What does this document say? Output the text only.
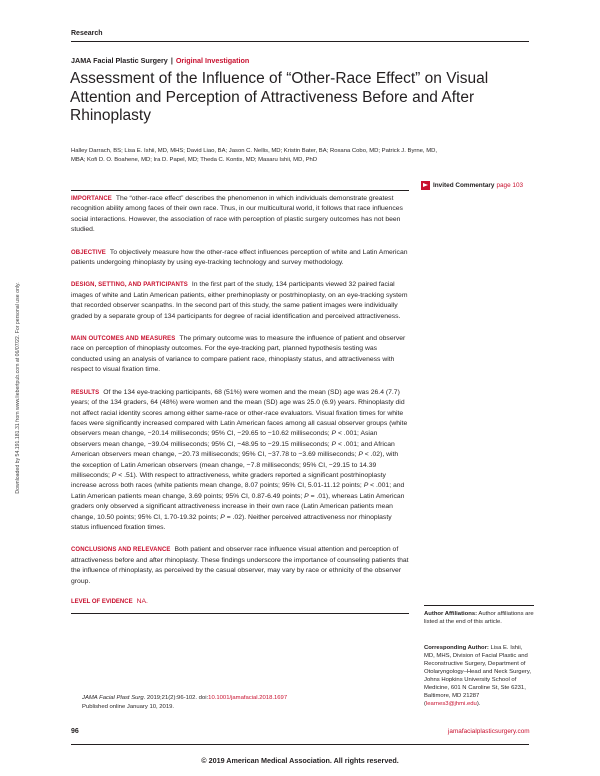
Research
JAMA Facial Plastic Surgery | Original Investigation
Assessment of the Influence of “Other-Race Effect” on Visual Attention and Perception of Attractiveness Before and After Rhinoplasty
Halley Darrach, BS; Lisa E. Ishii, MD, MHS; David Liao, BA; Jason C. Nellis, MD; Kristin Bater, BA; Roxana Cobo, MD; Patrick J. Byrne, MD, MBA; Kofi D. O. Boahene, MD; Ira D. Papel, MD; Theda C. Kontis, MD; Masaru Ishii, MD, PhD
Invited Commentary page 103

IMPORTANCE The “other-race effect” describes the phenomenon in which individuals demonstrate greatest recognition ability among faces of their own race. Thus, in our multicultural world, it follows that race influences social interactions. However, the association of race with perception of plastic surgery outcomes has not been studied.

OBJECTIVE To objectively measure how the other-race effect influences perception of white and Latin American patients undergoing rhinoplasty by using eye-tracking technology and survey methodology.

DESIGN, SETTING, AND PARTICIPANTS In the first part of the study, 134 participants viewed 32 paired facial images of white and Latin American patients, either prerhinoplasty or postrhinoplasty, on an eye-tracking system that recorded observer scanpaths. In the second part of this study, the same patient images were individually graded by a separate group of 134 participants for degree of racial identification and perceived attractiveness.

MAIN OUTCOMES AND MEASURES The primary outcome was to measure the influence of patient and observer race on perception of rhinoplasty outcomes. For the eye-tracking part, planned hypothesis testing was conducted using an analysis of variance to compare patient race, rhinoplasty status, and attractiveness with respect to visual fixation time.

RESULTS Of the 134 eye-tracking participants, 68 (51%) were women and the mean (SD) age was 26.4 (7.7) years; of the 134 graders, 64 (48%) were women and the mean (SD) age was 25.0 (6.9) years. Rhinoplasty did not affect racial identity scores among either same-race or other-race evaluators. Visual fixation times for white faces were significantly increased compared with Latin American faces among all casual observer groups (white observers mean change, −20.14 milliseconds; 95% CI, −29.65 to −10.62 milliseconds; P < .001; Asian observers mean change, −39.04 milliseconds; 95% CI, −48.95 to −29.15 milliseconds; P < .001; and African American observers mean change, −20.73 milliseconds; 95% CI, −37.78 to −3.69 milliseconds; P < .02), with the exception of Latin American observers (mean change, −7.8 milliseconds; 95% CI, −29.15 to 14.39 milliseconds; P < .51). With respect to attractiveness, white graders reported a significant postrhinoplasty increase across both races (white patients mean change, 8.07 points; 95% CI, 5.01-11.12 points; P < .001; and Latin American patients mean change, 3.69 points; 95% CI, 0.87-6.49 points; P = .01), whereas Latin American graders only observed a significant attractiveness increase in their own race (Latin American patients mean change, 10.50 points; 95% CI, 1.70-19.32 points; P = .02). Neither perceived attractiveness nor rhinoplasty status influenced fixation times.

CONCLUSIONS AND RELEVANCE Both patient and observer race influence visual attention and perception of attractiveness before and after rhinoplasty. These findings underscore the importance of counseling patients that the influence of rhinoplasty, as perceived by the casual observer, may vary by race or ethnicity of the observer group.

LEVEL OF EVIDENCE NA.

JAMA Facial Plast Surg. 2019;21(2):96-102. doi:10.1001/jamafacial.2018.1697
Published online January 10, 2019.
Author Affiliations: Author affiliations are listed at the end of this article.
Corresponding Author: Lisa E. Ishii, MD, MHS, Division of Facial Plastic and Reconstructive Surgery, Department of Otolaryngology–Head and Neck Surgery, Johns Hopkins University School of Medicine, 601 N Caroline St, Ste 6231, Baltimore, MD 21287 (learnes3@jhmi.edu).
96	jamafacialplasticsurgery.com
© 2019 American Medical Association. All rights reserved.
Downloaded by 54.191.181.31 from www.liebertpub.com at 06/07/22. For personal use only.
